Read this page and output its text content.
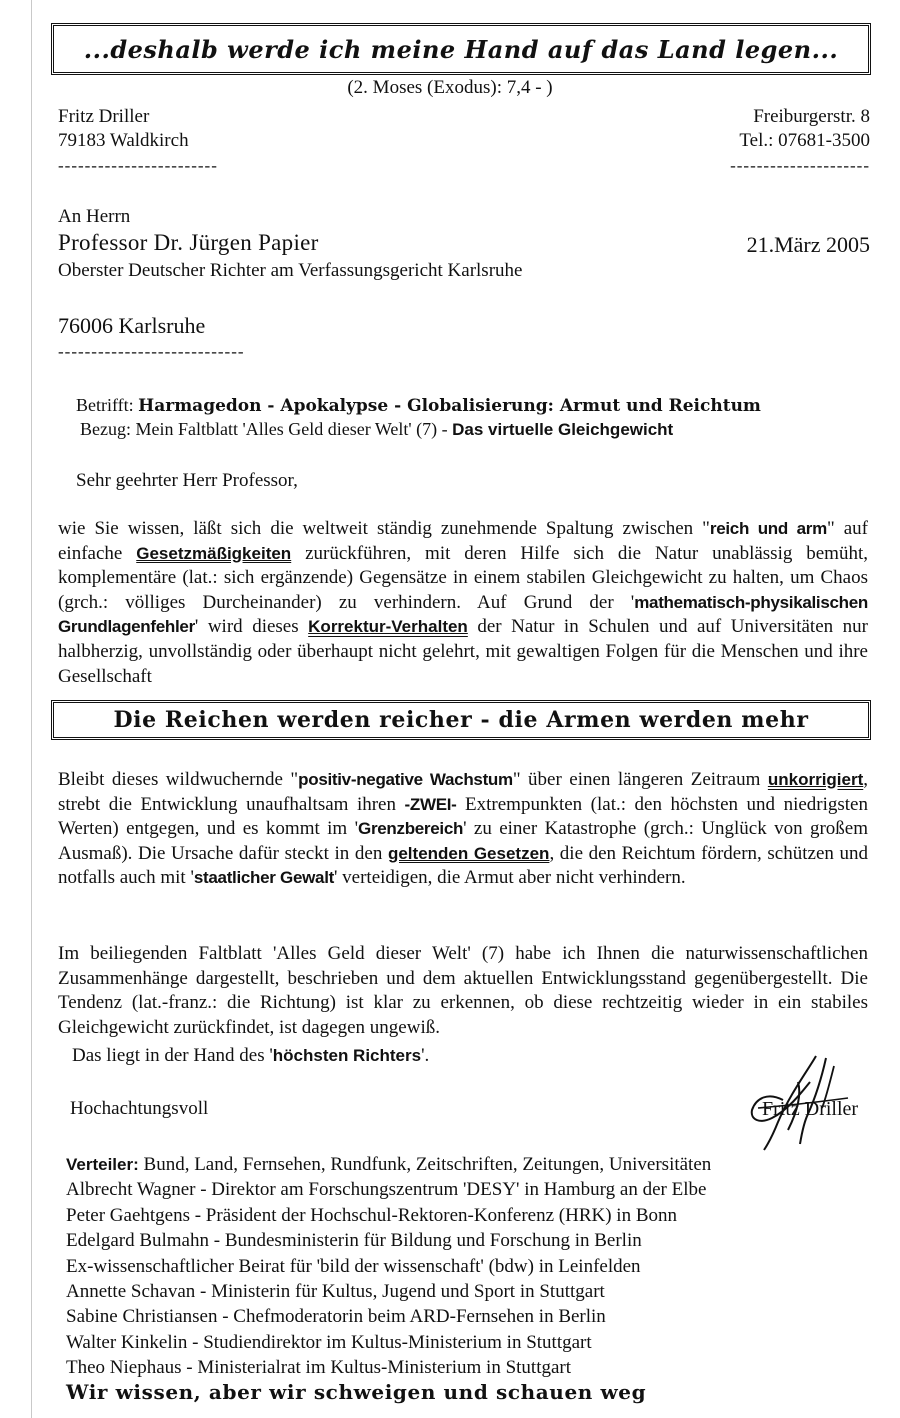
...deshalb werde ich meine Hand auf das Land legen...
(2. Moses (Exodus): 7,4 - )
Fritz Driller
79183 Waldkirch
------------------------
Freiburgerstr. 8
Tel.: 07681-3500
---------------------
An Herrn
Professor Dr. Jürgen Papier
Oberster Deutscher Richter am Verfassungsgericht Karlsruhe
21.März 2005
76006 Karlsruhe
----------------------------
Betrifft: Harmagedon - Apokalypse - Globalisierung: Armut und Reichtum
Bezug: Mein Faltblatt 'Alles Geld dieser Welt' (7) - Das virtuelle Gleichgewicht
Sehr geehrter Herr Professor,
wie Sie wissen, läßt sich die weltweit ständig zunehmende Spaltung zwischen "reich und arm" auf einfache Gesetzmäßigkeiten zurückführen, mit deren Hilfe sich die Natur unablässig bemüht, komplementäre (lat.: sich ergänzende) Gegensätze in einem stabilen Gleichgewicht zu halten, um Chaos (grch.: völliges Durcheinander) zu verhindern. Auf Grund der 'mathematisch-physikalischen Grundlagenfehler' wird dieses Korrektur-Verhalten der Natur in Schulen und auf Universitäten nur halbherzig, unvollständig oder überhaupt nicht gelehrt, mit gewaltigen Folgen für die Menschen und ihre Gesellschaft
Die Reichen werden reicher - die Armen werden mehr
Bleibt dieses wildwuchernde "positiv-negative Wachstum" über einen längeren Zeitraum unkorrigiert, strebt die Entwicklung unaufhaltsam ihren -ZWEI- Extrempunkten (lat.: den höchsten und niedrigsten Werten) entgegen, und es kommt im 'Grenzbereich' zu einer Katastrophe (grch.: Unglück von großem Ausmaß). Die Ursache dafür steckt in den geltenden Gesetzen, die den Reichtum fördern, schützen und notfalls auch mit 'staatlicher Gewalt' verteidigen, die Armut aber nicht verhindern.
Im beiliegenden Faltblatt 'Alles Geld dieser Welt' (7) habe ich Ihnen die naturwissenschaftlichen Zusammenhänge dargestellt, beschrieben und dem aktuellen Entwicklungsstand gegenübergestellt. Die Tendenz (lat.-franz.: die Richtung) ist klar zu erkennen, ob diese rechtzeitig wieder in ein stabiles Gleichgewicht zurückfindet, ist dagegen ungewiß.
Das liegt in der Hand des 'höchsten Richters'.
Hochachtungsvoll	Fritz Driller
Verteiler: Bund, Land, Fernsehen, Rundfunk, Zeitschriften, Zeitungen, Universitäten
Albrecht Wagner - Direktor am Forschungszentrum 'DESY' in Hamburg an der Elbe
Peter Gaehtgens - Präsident der Hochschul-Rektoren-Konferenz (HRK) in Bonn
Edelgard Bulmahn - Bundesministerin für Bildung und Forschung in Berlin
Ex-wissenschaftlicher Beirat für 'bild der wissenschaft' (bdw) in Leinfelden
Annette Schavan - Ministerin für Kultus, Jugend und Sport in Stuttgart
Sabine Christiansen - Chefmoderatorin beim ARD-Fernsehen in Berlin
Walter Kinkelin - Studiendirektor im Kultus-Ministerium in Stuttgart
Theo Niephaus - Ministerialrat im Kultus-Ministerium in Stuttgart
Wir wissen, aber wir schweigen und schauen weg
